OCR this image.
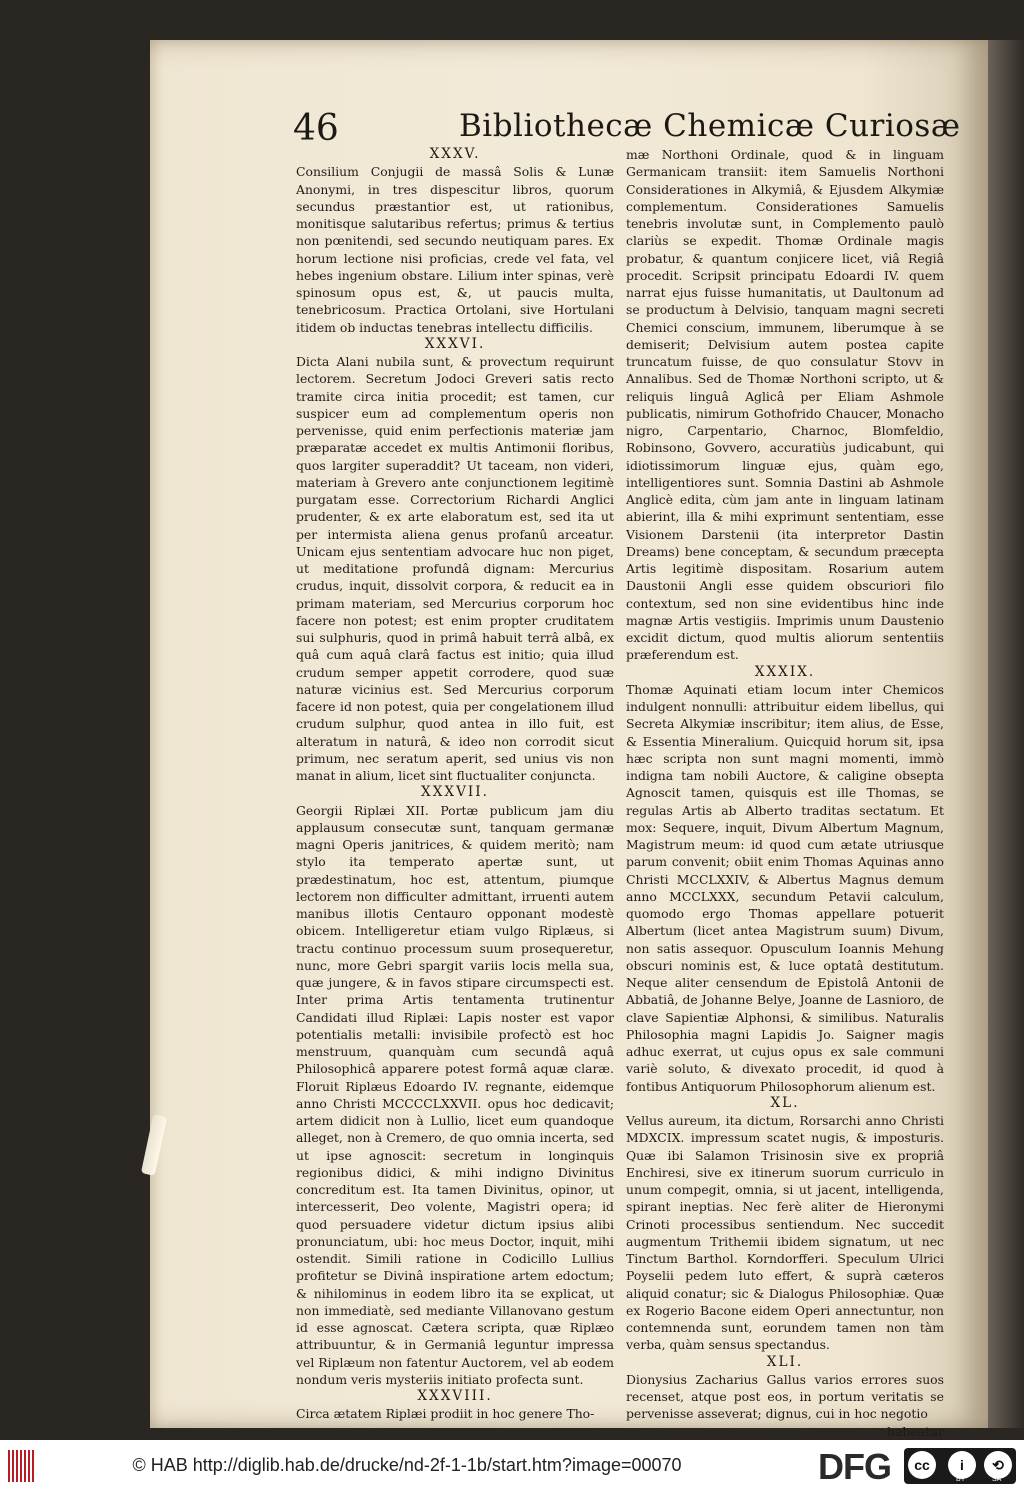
46	Bibliothecæ Chemicæ Curiosæ
XXXV.

Consilium Conjugii de massâ Solis & Lunæ Anonymi, in tres dispescitur libros, quorum secundus præstantior est, ut rationibus, monitisque salutaribus refertus; primus & tertius non pœnitendi, sed secundo neutiquam pares. Ex horum lectione nisi proficias, crede vel fata, vel hebes ingenium obstare. Lilium inter spinas, verè spinosum opus est, &, ut paucis multa, tenebricosum. Practica Ortolani, sive Hortulani itidem ob inductas tenebras intellectu difficilis.

XXXVI.

Dicta Alani nubila sunt, & provectum requirunt lectorem. Secretum Jodoci Greveri satis recto tramite circa initia procedit; est tamen, cur suspicer eum ad complementum operis non pervenisse, quid enim perfectionis materiæ jam præparatæ accedet ex multis Antimonii floribus, quos largiter superaddit? Ut taceam, non videri, materiam à Grevero ante conjunctionem legitimè purgatam esse. Correctorium Richardi Anglici prudenter, & ex arte elaboratum est, sed ita ut per intermista aliena genus profanû arceatur. Unicam ejus sententiam advocare huc non piget, ut meditatione profundâ dignam: Mercurius crudus, inquit, dissolvit corpora, & reducit ea in primam materiam, sed Mercurius corporum hoc facere non potest; est enim propter cruditatem sui sulphuris, quod in primâ habuit terrâ albâ, ex quâ cum aquâ clarâ factus est initio; quia illud crudum semper appetit corrodere, quod suæ naturæ vicinius est. Sed Mercurius corporum facere id non potest, quia per congelationem illud crudum sulphur, quod antea in illo fuit, est alteratum in naturâ, & ideo non corrodit sicut primum, nec seratum aperit, sed unius vis non manat in alium, licet sint fluctualiter conjuncta.

XXXVII.

Georgii Riplæi XII. Portæ publicum jam diu applausum consecutæ sunt, tanquam germanæ magni Operis janitrices, & quidem meritò; nam stylo ita temperato apertæ sunt, ut prædestinatum, hoc est, attentum, piumque lectorem non difficulter admittant, irruenti autem manibus illotis Centauro opponant modestè obicem. Intelligeretur etiam vulgo Riplæus, si tractu continuo processum suum prosequeretur, nunc, more Gebri spargit variis locis mella sua, quæ jungere, & in favos stipare circumspecti est. Inter prima Artis tentamenta trutinentur Candidati illud Riplæi: Lapis noster est vapor potentialis metalli: invisibile profectò est hoc menstruum, quanquàm cum secundâ aquâ Philosophicâ apparere potest formâ aquæ claræ. Floruit Riplæus Edoardo IV. regnante, eidemque anno Christi MCCCCLXXVII. opus hoc dedicavit; artem didicit non à Lullio, licet eum quandoque alleget, non à Cremero, de quo omnia incerta, sed ut ipse agnoscit: secretum in longinquis regionibus didici, & mihi indigno Divinitus concreditum est. Ita tamen Divinitus, opinor, ut intercesserit, Deo volente, Magistri opera; id quod persuadere videtur dictum ipsius alibi pronunciatum, ubi: hoc meus Doctor, inquit, mihi ostendit. Simili ratione in Codicillo Lullius profitetur se Divinâ inspiratione artem edoctum; & nihilominus in eodem libro ita se explicat, ut non immediatè, sed mediante Villanovano gestum id esse agnoscat. Cætera scripta, quæ Riplæo attribuuntur, & in Germaniâ leguntur impressa vel Riplæum non fatentur Auctorem, vel ab eodem nondum veris mysteriis initiato profecta sunt.

XXXVIII.

Circa ætatem Riplæi prodiit in hoc genere Tho-

mæ Northoni Ordinale, quod & in linguam Germanicam transiit: item Samuelis Northoni Considerationes in Alkymiâ, & Ejusdem Alkymiæ complementum. Considerationes Samuelis tenebris involutæ sunt, in Complemento paulò clariùs se expedit. Thomæ Ordinale magis probatur, & quantum conjicere licet, viâ Regiâ procedit. Scripsit principatu Edoardi IV. quem narrat ejus fuisse humanitatis, ut Daultonum ad se productum à Delvisio, tanquam magni secreti Chemici conscium, immunem, liberumque à se demiserit; Delvisium autem postea capite truncatum fuisse, de quo consulatur Stovv in Annalibus. Sed de Thomæ Northoni scripto, ut & reliquis linguâ Aglicâ per Eliam Ashmole publicatis, nimirum Gothofrido Chaucer, Monacho nigro, Carpentario, Charnoc, Blomfeldio, Robinsono, Govvero, accuratiùs judicabunt, qui idiotissimorum linguæ ejus, quàm ego, intelligentiores sunt. Somnia Dastini ab Ashmole Anglicè edita, cùm jam ante in linguam latinam abierint, illa & mihi exprimunt sententiam, esse Visionem Darstenii (ita interpretor Dastin Dreams) bene conceptam, & secundum præcepta Artis legitimè dispositam. Rosarium autem Daustonii Angli esse quidem obscuriori filo contextum, sed non sine evidentibus hinc inde magnæ Artis vestigiis. Imprimis unum Daustenio excidit dictum, quod multis aliorum sententiis præferendum est.

XXXIX.

Thomæ Aquinati etiam locum inter Chemicos indulgent nonnulli: attribuitur eidem libellus, qui Secreta Alkymiæ inscribitur; item alius, de Esse, & Essentia Mineralium. Quicquid horum sit, ipsa hæc scripta non sunt magni momenti, immò indigna tam nobili Auctore, & caligine obsepta Agnoscit tamen, quisquis est ille Thomas, se regulas Artis ab Alberto traditas sectatum. Et mox: Sequere, inquit, Divum Albertum Magnum, Magistrum meum: id quod cum ætate utriusque parum convenit; obiit enim Thomas Aquinas anno Christi MCCLXXIV, & Albertus Magnus demum anno MCCLXXX, secundum Petavii calculum, quomodo ergo Thomas appellare potuerit Albertum (licet antea Magistrum suum) Divum, non satis assequor. Opusculum Ioannis Mehung obscuri nominis est, & luce optatâ destitutum. Neque aliter censendum de Epistolâ Antonii de Abbatiâ, de Johanne Belye, Joanne de Lasnioro, de clave Sapientiæ Alphonsi, & similibus. Naturalis Philosophia magni Lapidis Jo. Saigner magis adhuc exerrat, ut cujus opus ex sale communi variè soluto, & divexato procedit, id quod à fontibus Antiquorum Philosophorum alienum est.

XL.

Vellus aureum, ita dictum, Rorsarchi anno Christi MDXCIX. impressum scatet nugis, & imposturis. Quæ ibi Salamon Trisinosin sive ex propriâ Enchiresi, sive ex itinerum suorum curriculo in unum compegit, omnia, si ut jacent, intelligenda, spirant ineptias. Nec ferè aliter de Hieronymi Crinoti processibus sentiendum. Nec succedit augmentum Trithemii ibidem signatum, ut nec Tinctum Barthol. Korndorfferi. Speculum Ulrici Poyselii pedem luto effert, & suprà cæteros aliquid conatur; sic & Dialogus Philosophiæ. Quæ ex Rogerio Bacone eidem Operi annectuntur, non contemnenda sunt, eorundem tamen non tàm verba, quàm sensus spectandus.

XLI.

Dionysius Zacharius Gallus varios errores suos recenset, atque post eos, in portum veritatis se pervenisse asseverat; dignus, cui in hoc negotio

habeatur

© HAB http://diglib.hab.de/drucke/nd-2f-1-1b/start.htm?image=00070	DFG	cc	i	⟲
BY	SA
